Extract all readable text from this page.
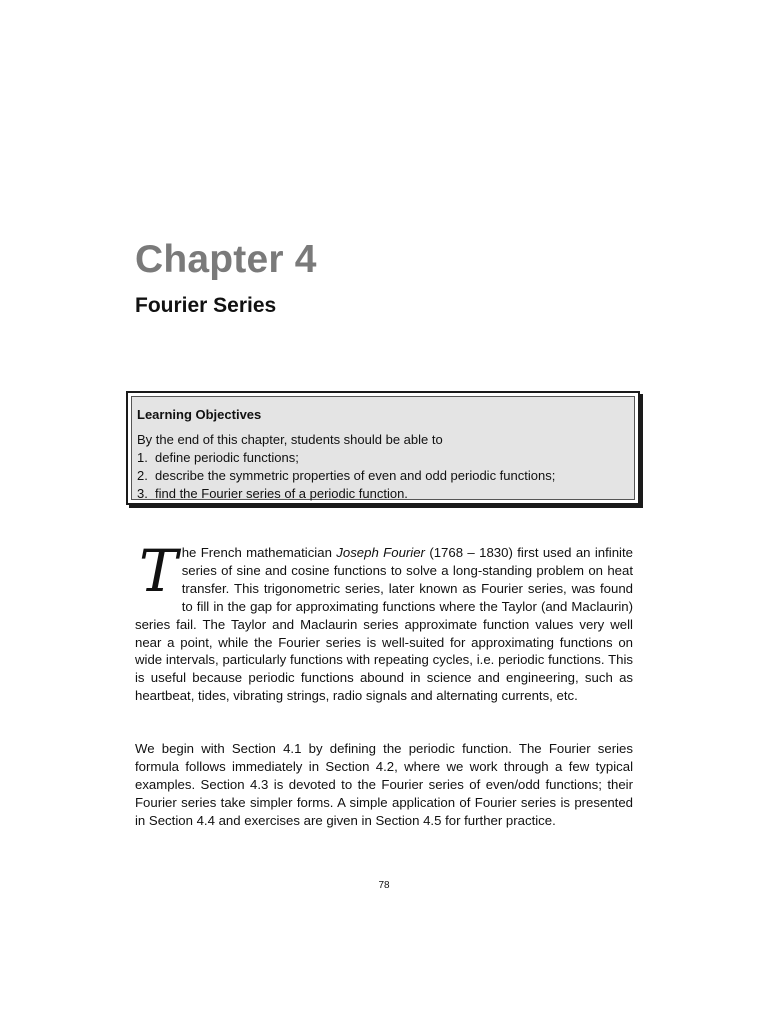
Chapter 4
Fourier Series
Learning Objectives
By the end of this chapter, students should be able to
1. define periodic functions;
2. describe the symmetric properties of even and odd periodic functions;
3. find the Fourier series of a periodic function.

The French mathematician Joseph Fourier (1768 – 1830) first used an infinite series of sine and cosine functions to solve a long-standing problem on heat transfer. This trigonometric series, later known as Fourier series, was found to fill in the gap for approximating functions where the Taylor (and Maclaurin) series fail. The Taylor and Maclaurin series approximate function values very well near a point, while the Fourier series is well-suited for approximating functions on wide intervals, particularly functions with repeating cycles, i.e. periodic functions. This is useful because periodic functions abound in science and engineering, such as heartbeat, tides, vibrating strings, radio signals and alternating currents, etc.

We begin with Section 4.1 by defining the periodic function. The Fourier series formula follows immediately in Section 4.2, where we work through a few typical examples. Section 4.3 is devoted to the Fourier series of even/odd functions; their Fourier series take simpler forms. A simple application of Fourier series is presented in Section 4.4 and exercises are given in Section 4.5 for further practice.

78
